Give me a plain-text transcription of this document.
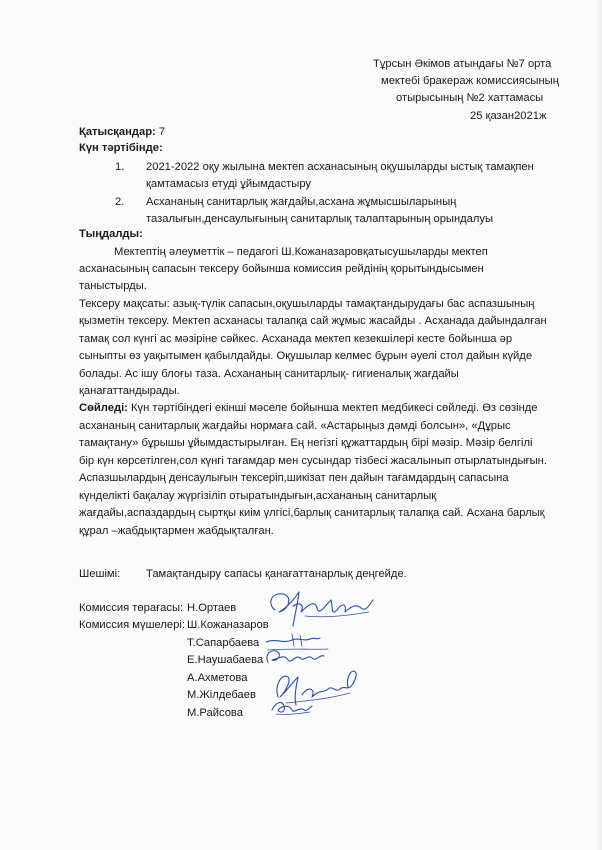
Тұрсын Әкімов атындағы №7 орта
мектебі бракераж комиссиясының
отырысының №2 хаттамасы
25 қазан2021ж
Қатысқандар: 7
Күн тәртібінде:
1. 2021-2022 оқу жылына мектеп асханасының оқушыларды ыстық тамақпен
қамтамасыз етуді ұйымдастыру
2. Асхананың санитарлық жағдайы,асхана жұмысшыларының
тазалығын,денсаулығының санитарлық талаптарының орындалуы
Тыңдалды:
Мектептің әлеуметтік – педагогі Ш.Кожаназаровқатысушыларды мектеп
асханасының сапасын тексеру бойынша комиссия рейдінің қорытындысымен
таныстырды.
Тексеру мақсаты: азық-түлік сапасын,оқушыларды тамақтандырудағы бас аспазшының
қызметін тексеру. Мектеп асханасы талапқа сай жұмыс жасайды . Асханада дайындалған
тамақ сол күнгі ас мәзіріне сәйкес. Асханада мектеп кезекшілері кесте бойынша әр
сыныпты өз уақытымен қабылдайды. Оқушылар келмес бұрын әуелі стол дайын күйде
болады. Ас ішу блоғы таза. Асхананың санитарлық- гигиеналық жағдайы
қанағаттандырады.
Сөйледі: Күн тәртібіндегі екінші мәселе бойынша мектеп медбикесі сөйледі. Өз сөзінде
асхананың санитарлық жағдайы нормаға сай. «Астарыңыз дәмді болсын», «Дұрыс
тамақтану» бұрышы ұйымдастырылған. Ең негізгі құжаттардың бірі мәзір. Мәзір белгілі
бір күн көрсетілген,сол күнгі тағамдар мен сусындар тізбесі жасалынып отырлатындығын.
Аспазшылардың денсаулығын тексеріп,шикізат пен дайын тағамдардың сапасына
күнделікті бақалау жүргізіліп отыратындығын,асхананың санитарлық
жағдайы,аспаздардың сыртқы киім үлгісі,барлық санитарлық талапқа сай. Асхана барлық
құрал –жабдықтармен жабдықталған.
Шешімі: Тамақтандыру сапасы қанағаттанарлық деңгейде.
Комиссия төрағасы: Н.Ортаев
Комиссия мүшелері: Ш.Кожаназаров
Т.Сапарбаева
Е.Наушабаева
А.Ахметова
М.Жілдебаев
М.Райсова
